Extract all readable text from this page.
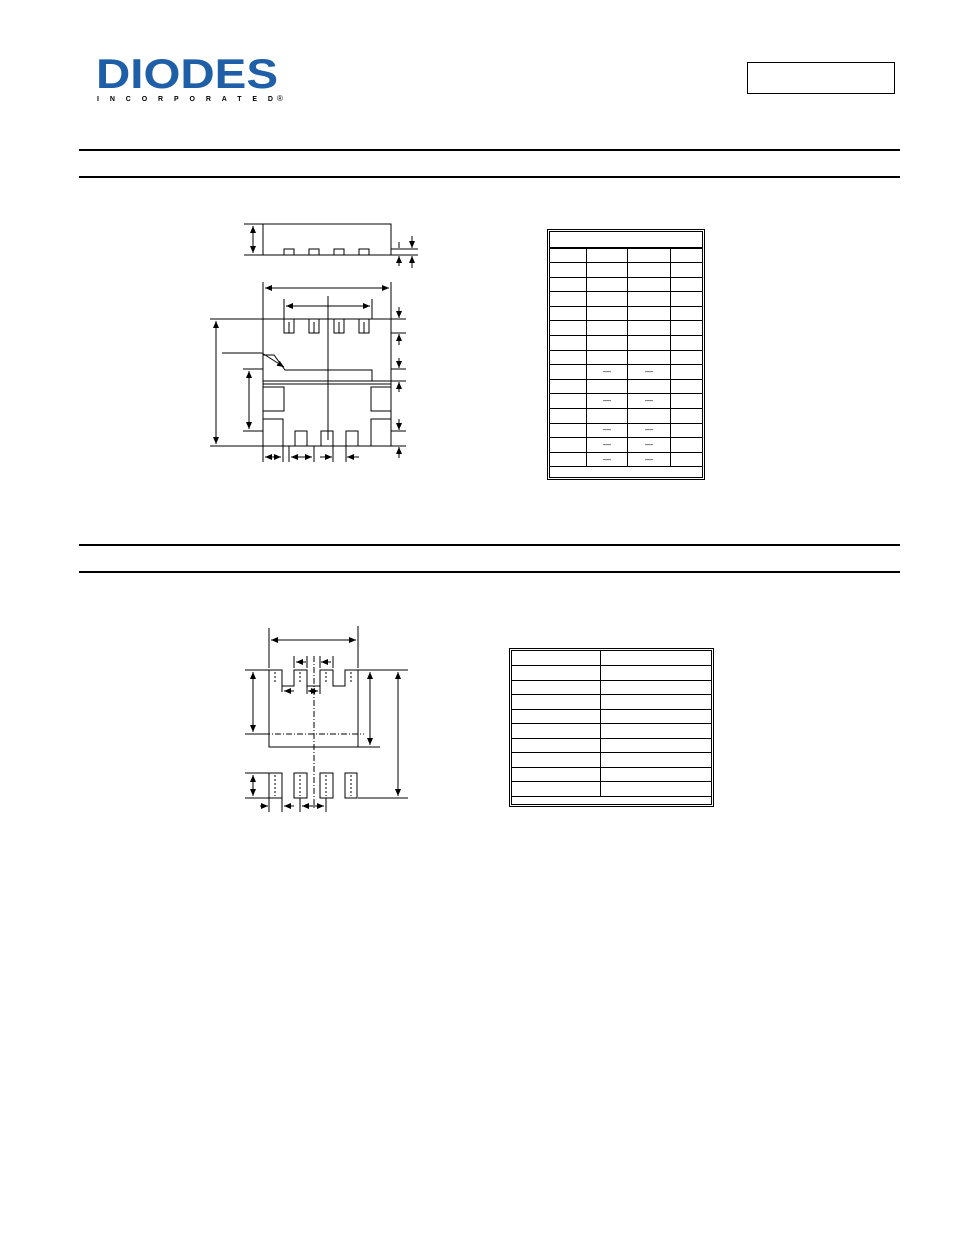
DIODES
INCORPORATED ®

	—	—	

	—	—	

	—	—	
	—	—	
	—	—	
